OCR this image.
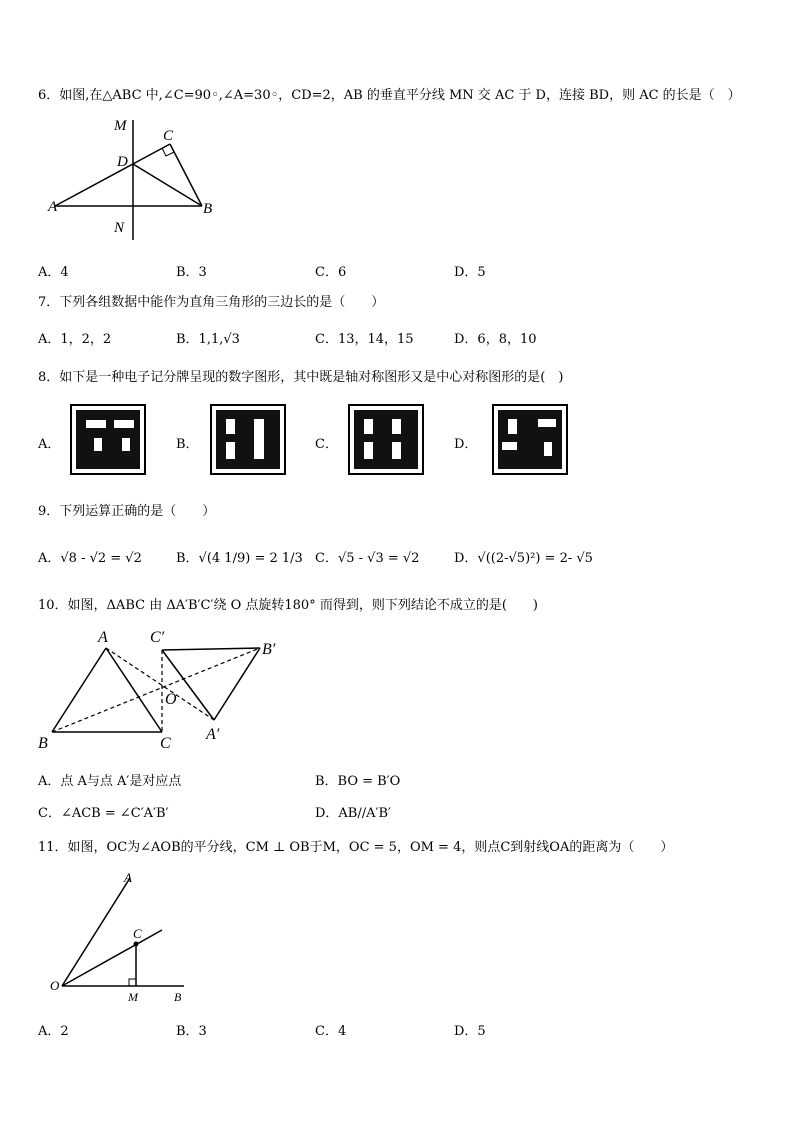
6．如图,在△ABC 中,∠C=90◦,∠A=30◦，CD=2，AB 的垂直平分线 MN 交 AC 于 D，连接 BD，则 AC 的长是（　）
M
C
D
A	B
N
A．4	B．3	C．6	D．5
7．下列各组数据中能作为直角三角形的三边长的是（　　）
A．1，2，2	B．1,1,√3	C．13，14，15	D．6，8，10
8．如下是一种电子记分牌呈现的数字图形，其中既是轴对称图形又是中心对称图形的是(　)
A．	B．	C．	D．
9．下列运算正确的是（　　）
A．√8 - √2 = √2	B．√(4 1/9) = 2 1/3 C．√5 - √3 = √2	D．√((2-√5)²) = 2- √5
10．如图，ΔABC 由 ΔA′B′C′绕 O 点旋转180° 而得到，则下列结论不成立的是(　　)
A	C′
B′
O
A′
B	C
A．点 A与点 A′是对应点	B．BO = B′O
C．∠ACB = ∠C′A′B′	D．AB//A′B′
11．如图，OC为∠AOB的平分线，CM ⊥ OB于M，OC = 5，OM = 4，则点C到射线OA的距离为（　　）
A
C
O
M	B
A．2	B．3	C．4	D．5
